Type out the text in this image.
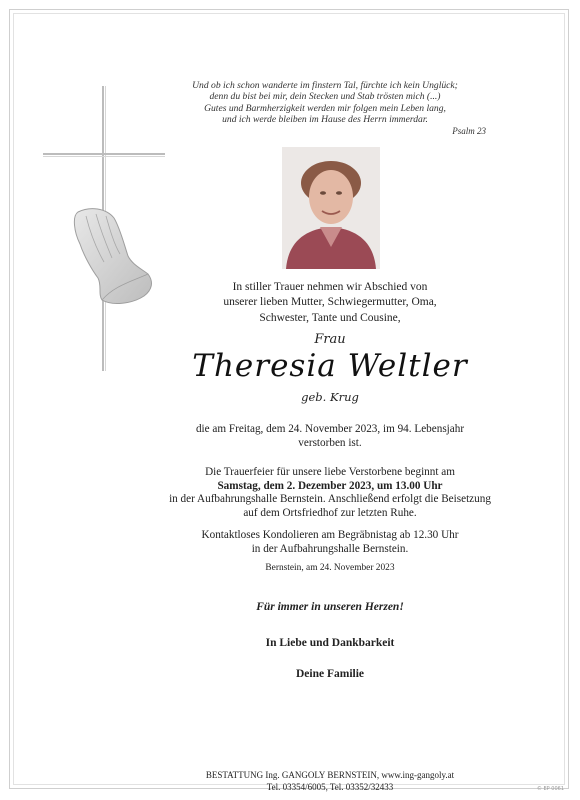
Und ob ich schon wanderte im finstern Tal, fürchte ich kein Unglück;
denn du bist bei mir, dein Stecken und Stab trösten mich (...)
Gutes und Barmherzigkeit werden mir folgen mein Leben lang,
und ich werde bleiben im Hause des Herrn immerdar.
Psalm 23
In stiller Trauer nehmen wir Abschied von
unserer lieben Mutter, Schwiegermutter, Oma,
Schwester, Tante und Cousine,
Frau
Theresia Weltler
geb. Krug
die am Freitag, dem 24. November 2023, im 94. Lebensjahr
verstorben ist.
Die Trauerfeier für unsere liebe Verstorbene beginnt am
Samstag, dem 2. Dezember 2023, um 13.00 Uhr
in der Aufbahrungshalle Bernstein. Anschließend erfolgt die Beisetzung
auf dem Ortsfriedhof zur letzten Ruhe.
Kontaktloses Kondolieren am Begräbnistag ab 12.30 Uhr
in der Aufbahrungshalle Bernstein.
Bernstein, am 24. November 2023
Für immer in unseren Herzen!
In Liebe und Dankbarkeit
Deine Familie
BESTATTUNG Ing. GANGOLY BERNSTEIN, www.ing-gangoly.at
Tel. 03354/6005, Tel. 03352/32433	© EP 0061
